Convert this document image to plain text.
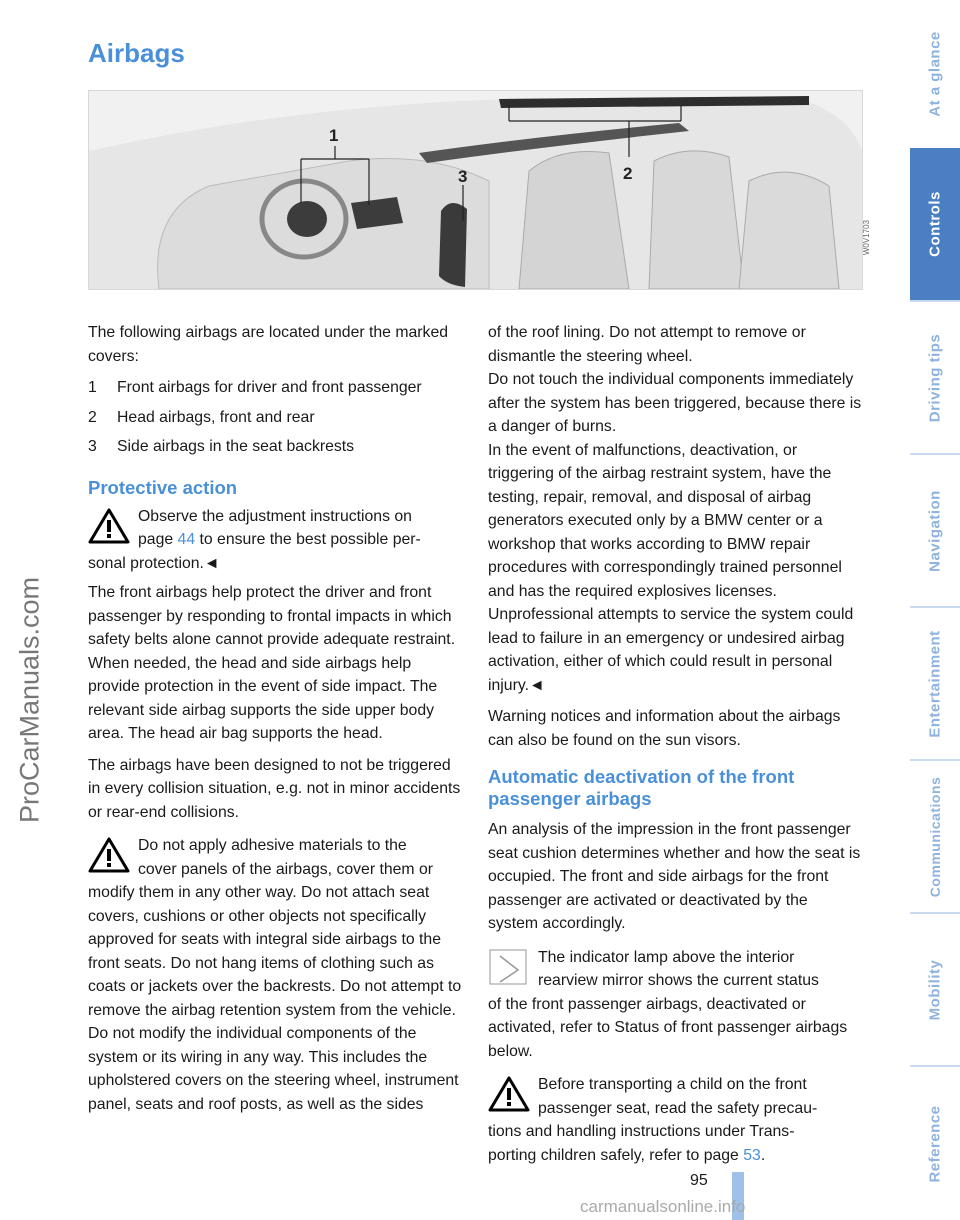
Airbags
1
2
3
W0V1703

The following airbags are located under the marked covers:

1	Front airbags for driver and front passenger
2	Head airbags, front and rear
3	Side airbags in the seat backrests
Protective action
Observe the adjustment instructions on
page 44 to ensure the best possible per-
sonal protection.◄

The front airbags help protect the driver and front passenger by responding to frontal impacts in which safety belts alone cannot provide adequate restraint. When needed, the head and side airbags help provide protection in the event of side impact. The relevant side airbag supports the side upper body area. The head air bag supports the head.

The airbags have been designed to not be triggered in every collision situation, e.g. not in minor accidents or rear-end collisions.

Do not apply adhesive materials to the
cover panels of the airbags, cover them or
modify them in any other way. Do not attach seat covers, cushions or other objects not specifically approved for seats with integral side airbags to the front seats. Do not hang items of clothing such as coats or jackets over the backrests. Do not attempt to remove the airbag retention system from the vehicle. Do not modify the individual components of the system or its wiring in any way. This includes the upholstered covers on the steering wheel, instrument panel, seats and roof posts, as well as the sides

of the roof lining. Do not attempt to remove or dismantle the steering wheel.

Do not touch the individual components immediately after the system has been triggered, because there is a danger of burns.

In the event of malfunctions, deactivation, or triggering of the airbag restraint system, have the testing, repair, removal, and disposal of airbag generators executed only by a BMW center or a workshop that works according to BMW repair procedures with correspondingly trained personnel and has the required explosives licenses. Unprofessional attempts to service the system could lead to failure in an emergency or undesired airbag activation, either of which could result in personal injury.◄

Warning notices and information about the airbags can also be found on the sun visors.

Automatic deactivation of the front passenger airbags

An analysis of the impression in the front passenger seat cushion determines whether and how the seat is occupied. The front and side airbags for the front passenger are activated or deactivated by the system accordingly.

The indicator lamp above the interior
rearview mirror shows the current status
of the front passenger airbags, deactivated or activated, refer to Status of front passenger airbags below.
Before transporting a child on the front
passenger seat, read the safety precau-
tions and handling instructions under Trans-
porting children safely, refer to page 53.
At a glance
Controls
Driving tips
Navigation
Entertainment
Communications
Mobility
Reference
ProCarManuals.com
95
carmanualsonline.info
